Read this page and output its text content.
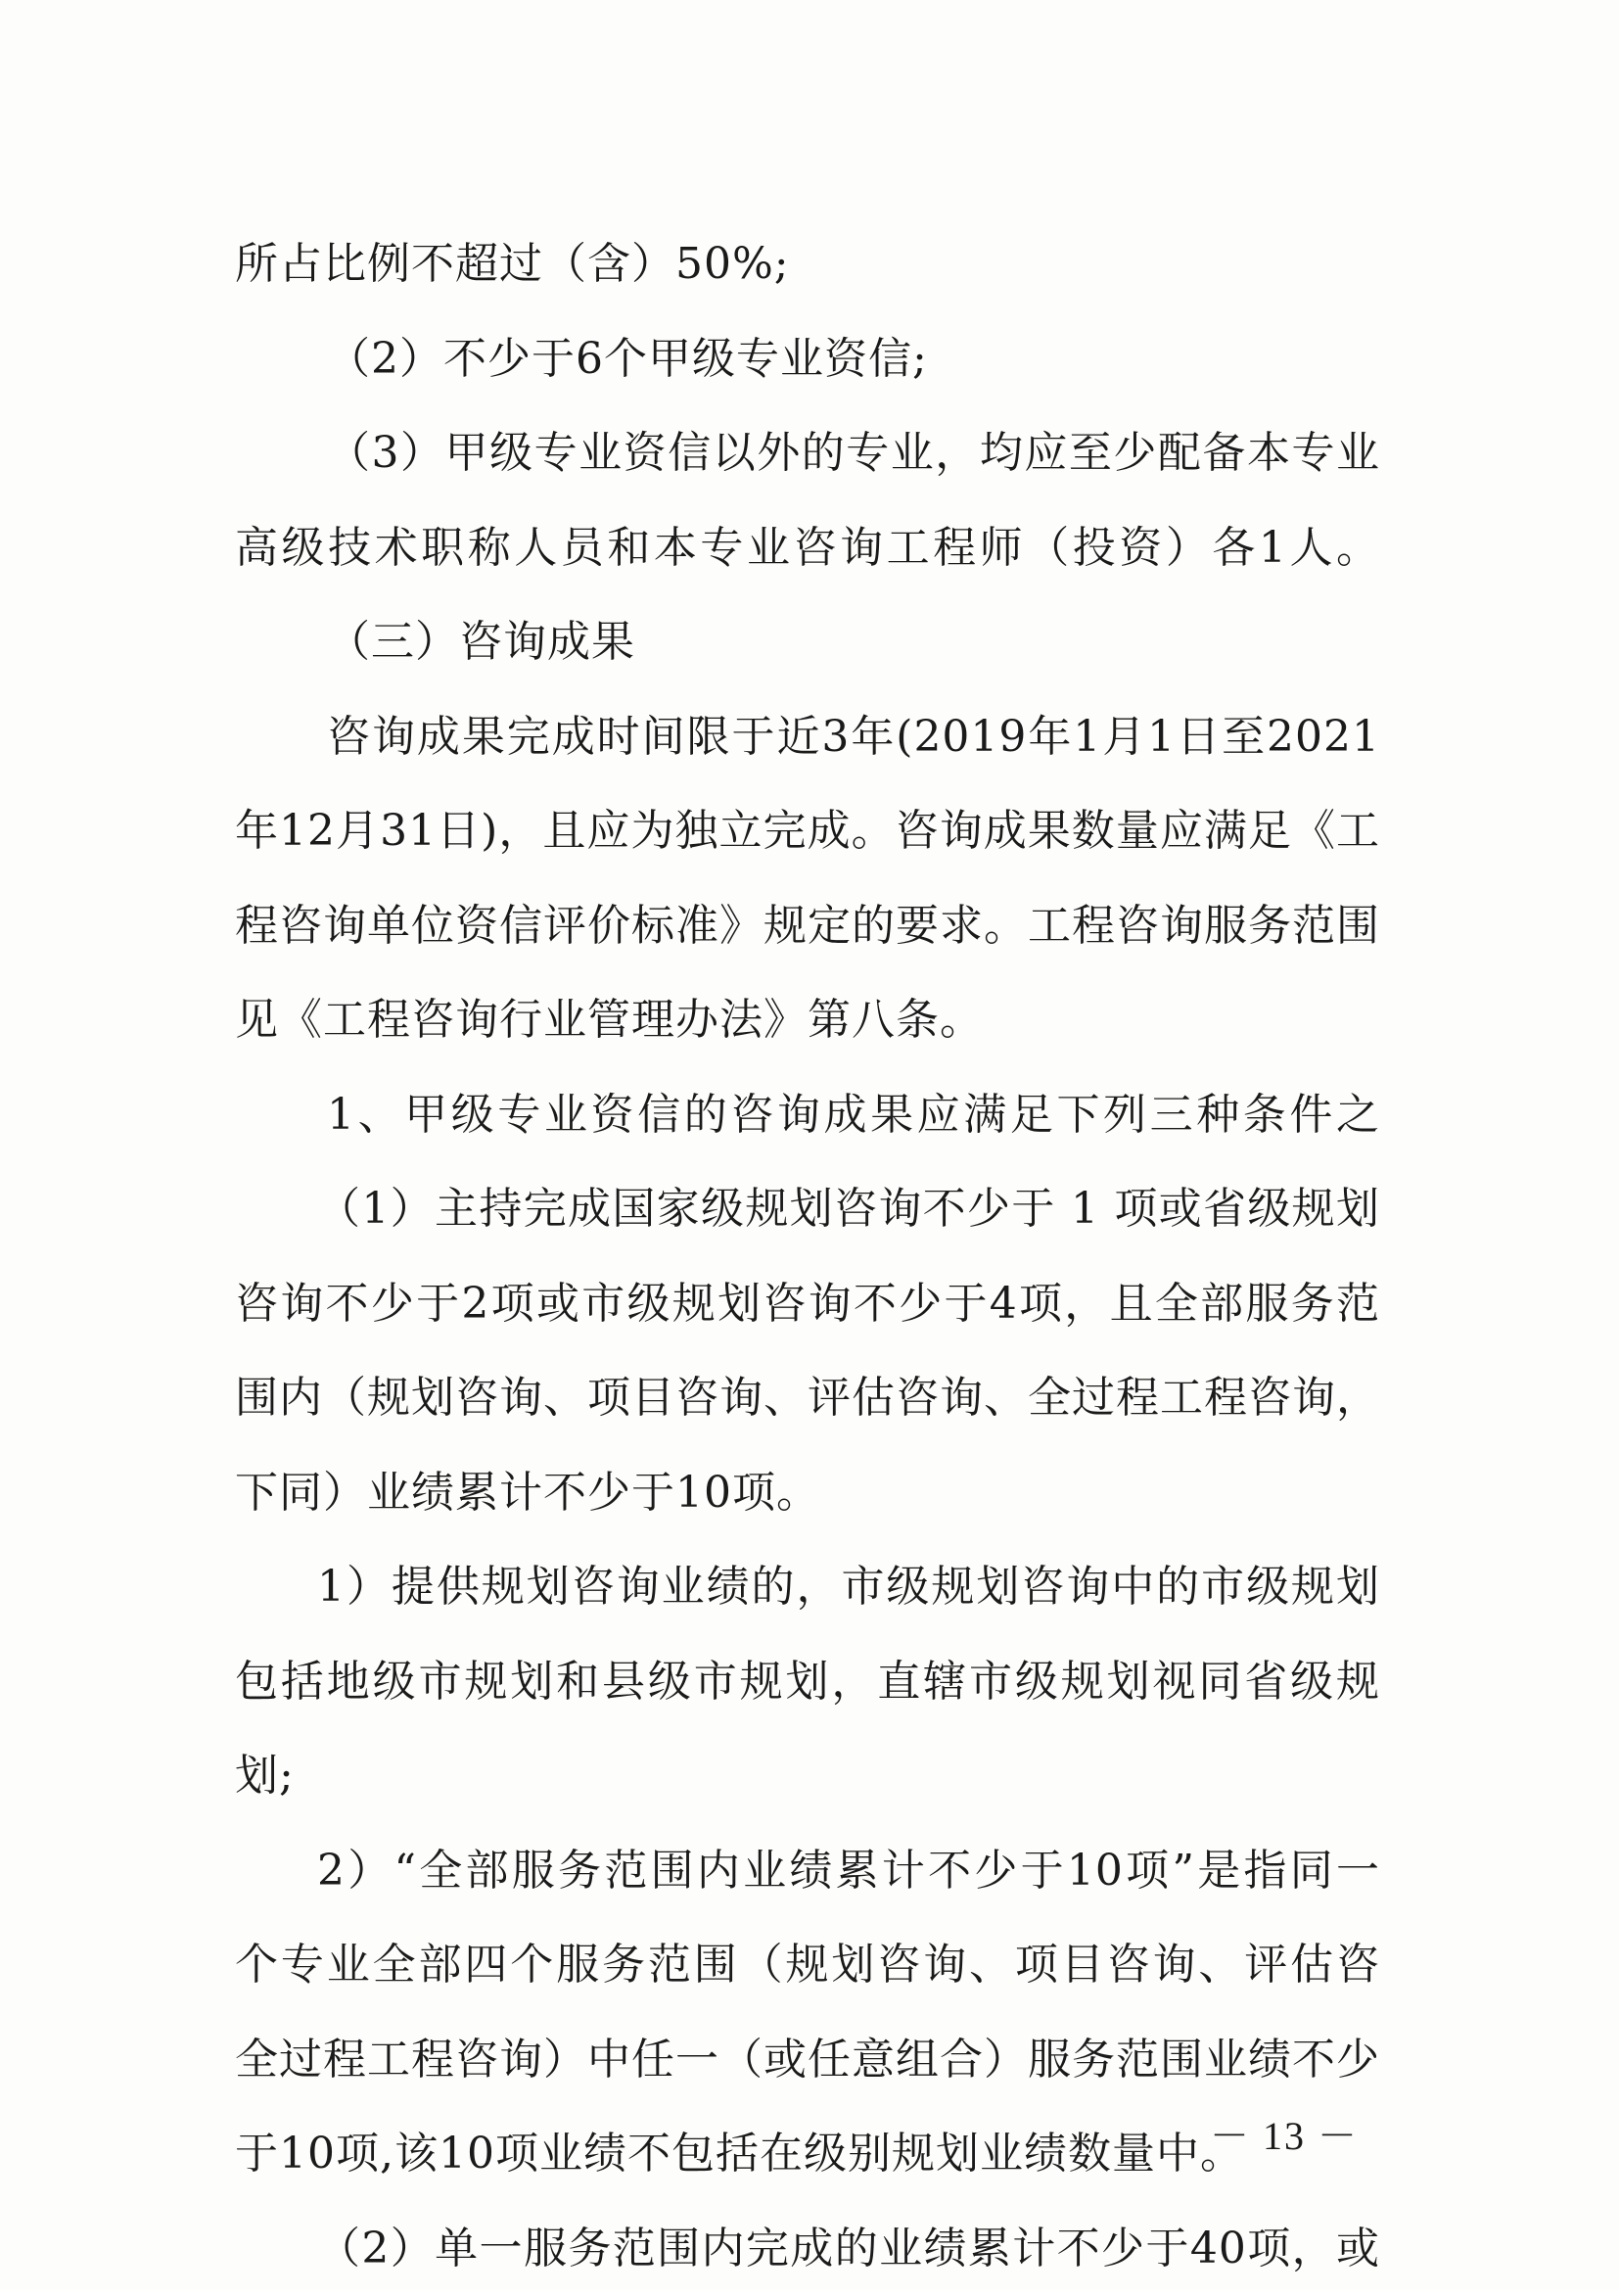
所占比例不超过（含）50%;
（2）不少于6个甲级专业资信;
（3）甲级专业资信以外的专业，均应至少配备本专业
高级技术职称人员和本专业咨询工程师（投资）各1人。
（三）咨询成果
咨询成果完成时间限于近3年(2019年1月1日至2021
年12月31日)，且应为独立完成。咨询成果数量应满足《工
程咨询单位资信评价标准》规定的要求。工程咨询服务范围
见《工程咨询行业管理办法》第八条。
1、甲级专业资信的咨询成果应满足下列三种条件之
（1）主持完成国家级规划咨询不少于 1 项或省级规划
咨询不少于2项或市级规划咨询不少于4项，且全部服务范
围内（规划咨询、项目咨询、评估咨询、全过程工程咨询，
下同）业绩累计不少于10项。
1）提供规划咨询业绩的，市级规划咨询中的市级规划
包括地级市规划和县级市规划，直辖市级规划视同省级规
划;
2）“全部服务范围内业绩累计不少于10项”是指同一
个专业全部四个服务范围（规划咨询、项目咨询、评估咨
全过程工程咨询）中任一（或任意组合）服务范围业绩不少
于10项,该10项业绩不包括在级别规划业绩数量中。
（2）单一服务范围内完成的业绩累计不少于40项，或
－ 13 －
